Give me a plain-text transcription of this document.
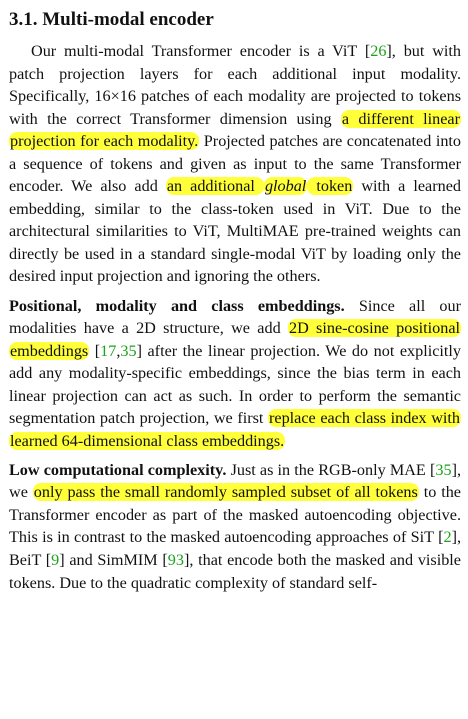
3.1. Multi-modal encoder

Our multi-modal Transformer encoder is a ViT [26], but with patch projection layers for each additional input modality. Specifically, 16×16 patches of each modality are projected to tokens with the correct Transformer dimension using a different linear projection for each modality. Projected patches are concatenated into a sequence of tokens and given as input to the same Transformer encoder. We also add an additional global token with a learned embedding, similar to the class-token used in ViT. Due to the architectural similarities to ViT, MultiMAE pre-trained weights can directly be used in a standard single-modal ViT by loading only the desired input projection and ignoring the others.

Positional, modality and class embeddings. Since all our modalities have a 2D structure, we add 2D sine-cosine positional embeddings [17,35] after the linear projection. We do not explicitly add any modality-specific embeddings, since the bias term in each linear projection can act as such. In order to perform the semantic segmentation patch projection, we first replace each class index with learned 64-dimensional class embeddings.

Low computational complexity. Just as in the RGB-only MAE [35], we only pass the small randomly sampled subset of all tokens to the Transformer encoder as part of the masked autoencoding objective. This is in contrast to the masked autoencoding approaches of SiT [2], BeiT [9] and SimMIM [93], that encode both the masked and visible tokens. Due to the quadratic complexity of standard self-
